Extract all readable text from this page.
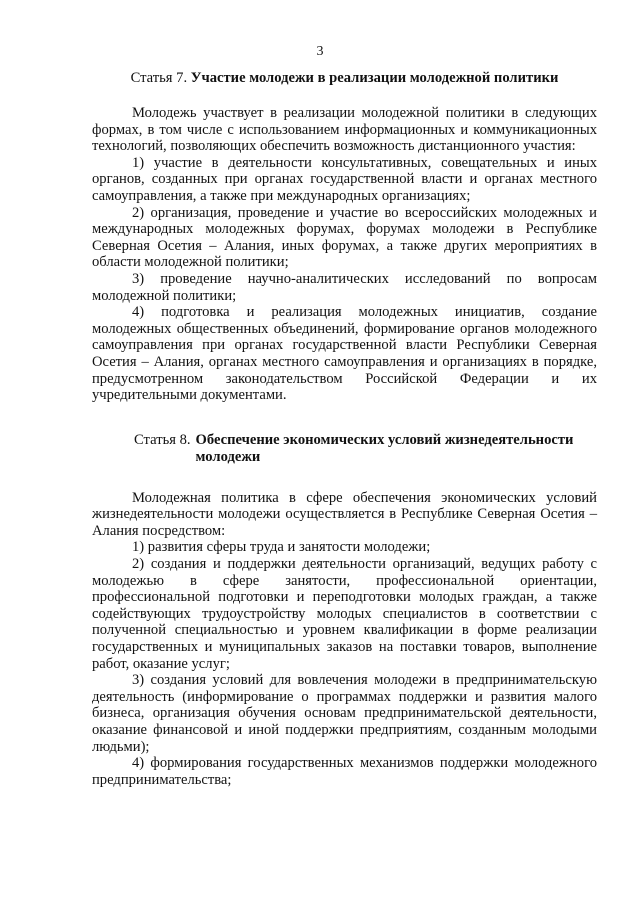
3
Статья 7. Участие молодежи в реализации молодежной политики

Молодежь участвует в реализации молодежной политики в следующих формах, в том числе с использованием информационных и коммуникационных технологий, позволяющих обеспечить возможность дистанционного участия:

1) участие в деятельности консультативных, совещательных и иных органов, созданных при органах государственной власти и органах местного самоуправления, а также при международных организациях;

2) организация, проведение и участие во всероссийских молодежных и международных молодежных форумах, форумах молодежи в Республике Северная Осетия – Алания, иных форумах, а также других мероприятиях в области молодежной политики;

3) проведение научно-аналитических исследований по вопросам молодежной политики;

4) подготовка и реализация молодежных инициатив, создание молодежных общественных объединений, формирование органов молодежного самоуправления при органах государственной власти Республики Северная Осетия – Алания, органах местного самоуправления и организациях в порядке, предусмотренном законодательством Российской Федерации и их учредительными документами.

Статья 8. Обеспечение экономических условий жизнедеятельности молодежи

Молодежная политика в сфере обеспечения экономических условий жизнедеятельности молодежи осуществляется в Республике Северная Осетия – Алания посредством:

1) развития сферы труда и занятости молодежи;

2) создания и поддержки деятельности организаций, ведущих работу с молодежью в сфере занятости, профессиональной ориентации, профессиональной подготовки и переподготовки молодых граждан, а также содействующих трудоустройству молодых специалистов в соответствии с полученной специальностью и уровнем квалификации в форме реализации государственных и муниципальных заказов на поставки товаров, выполнение работ, оказание услуг;

3) создания условий для вовлечения молодежи в предпринимательскую деятельность (информирование о программах поддержки и развития малого бизнеса, организация обучения основам предпринимательской деятельности, оказание финансовой и иной поддержки предприятиям, созданным молодыми людьми);

4) формирования государственных механизмов поддержки молодежного предпринимательства;
